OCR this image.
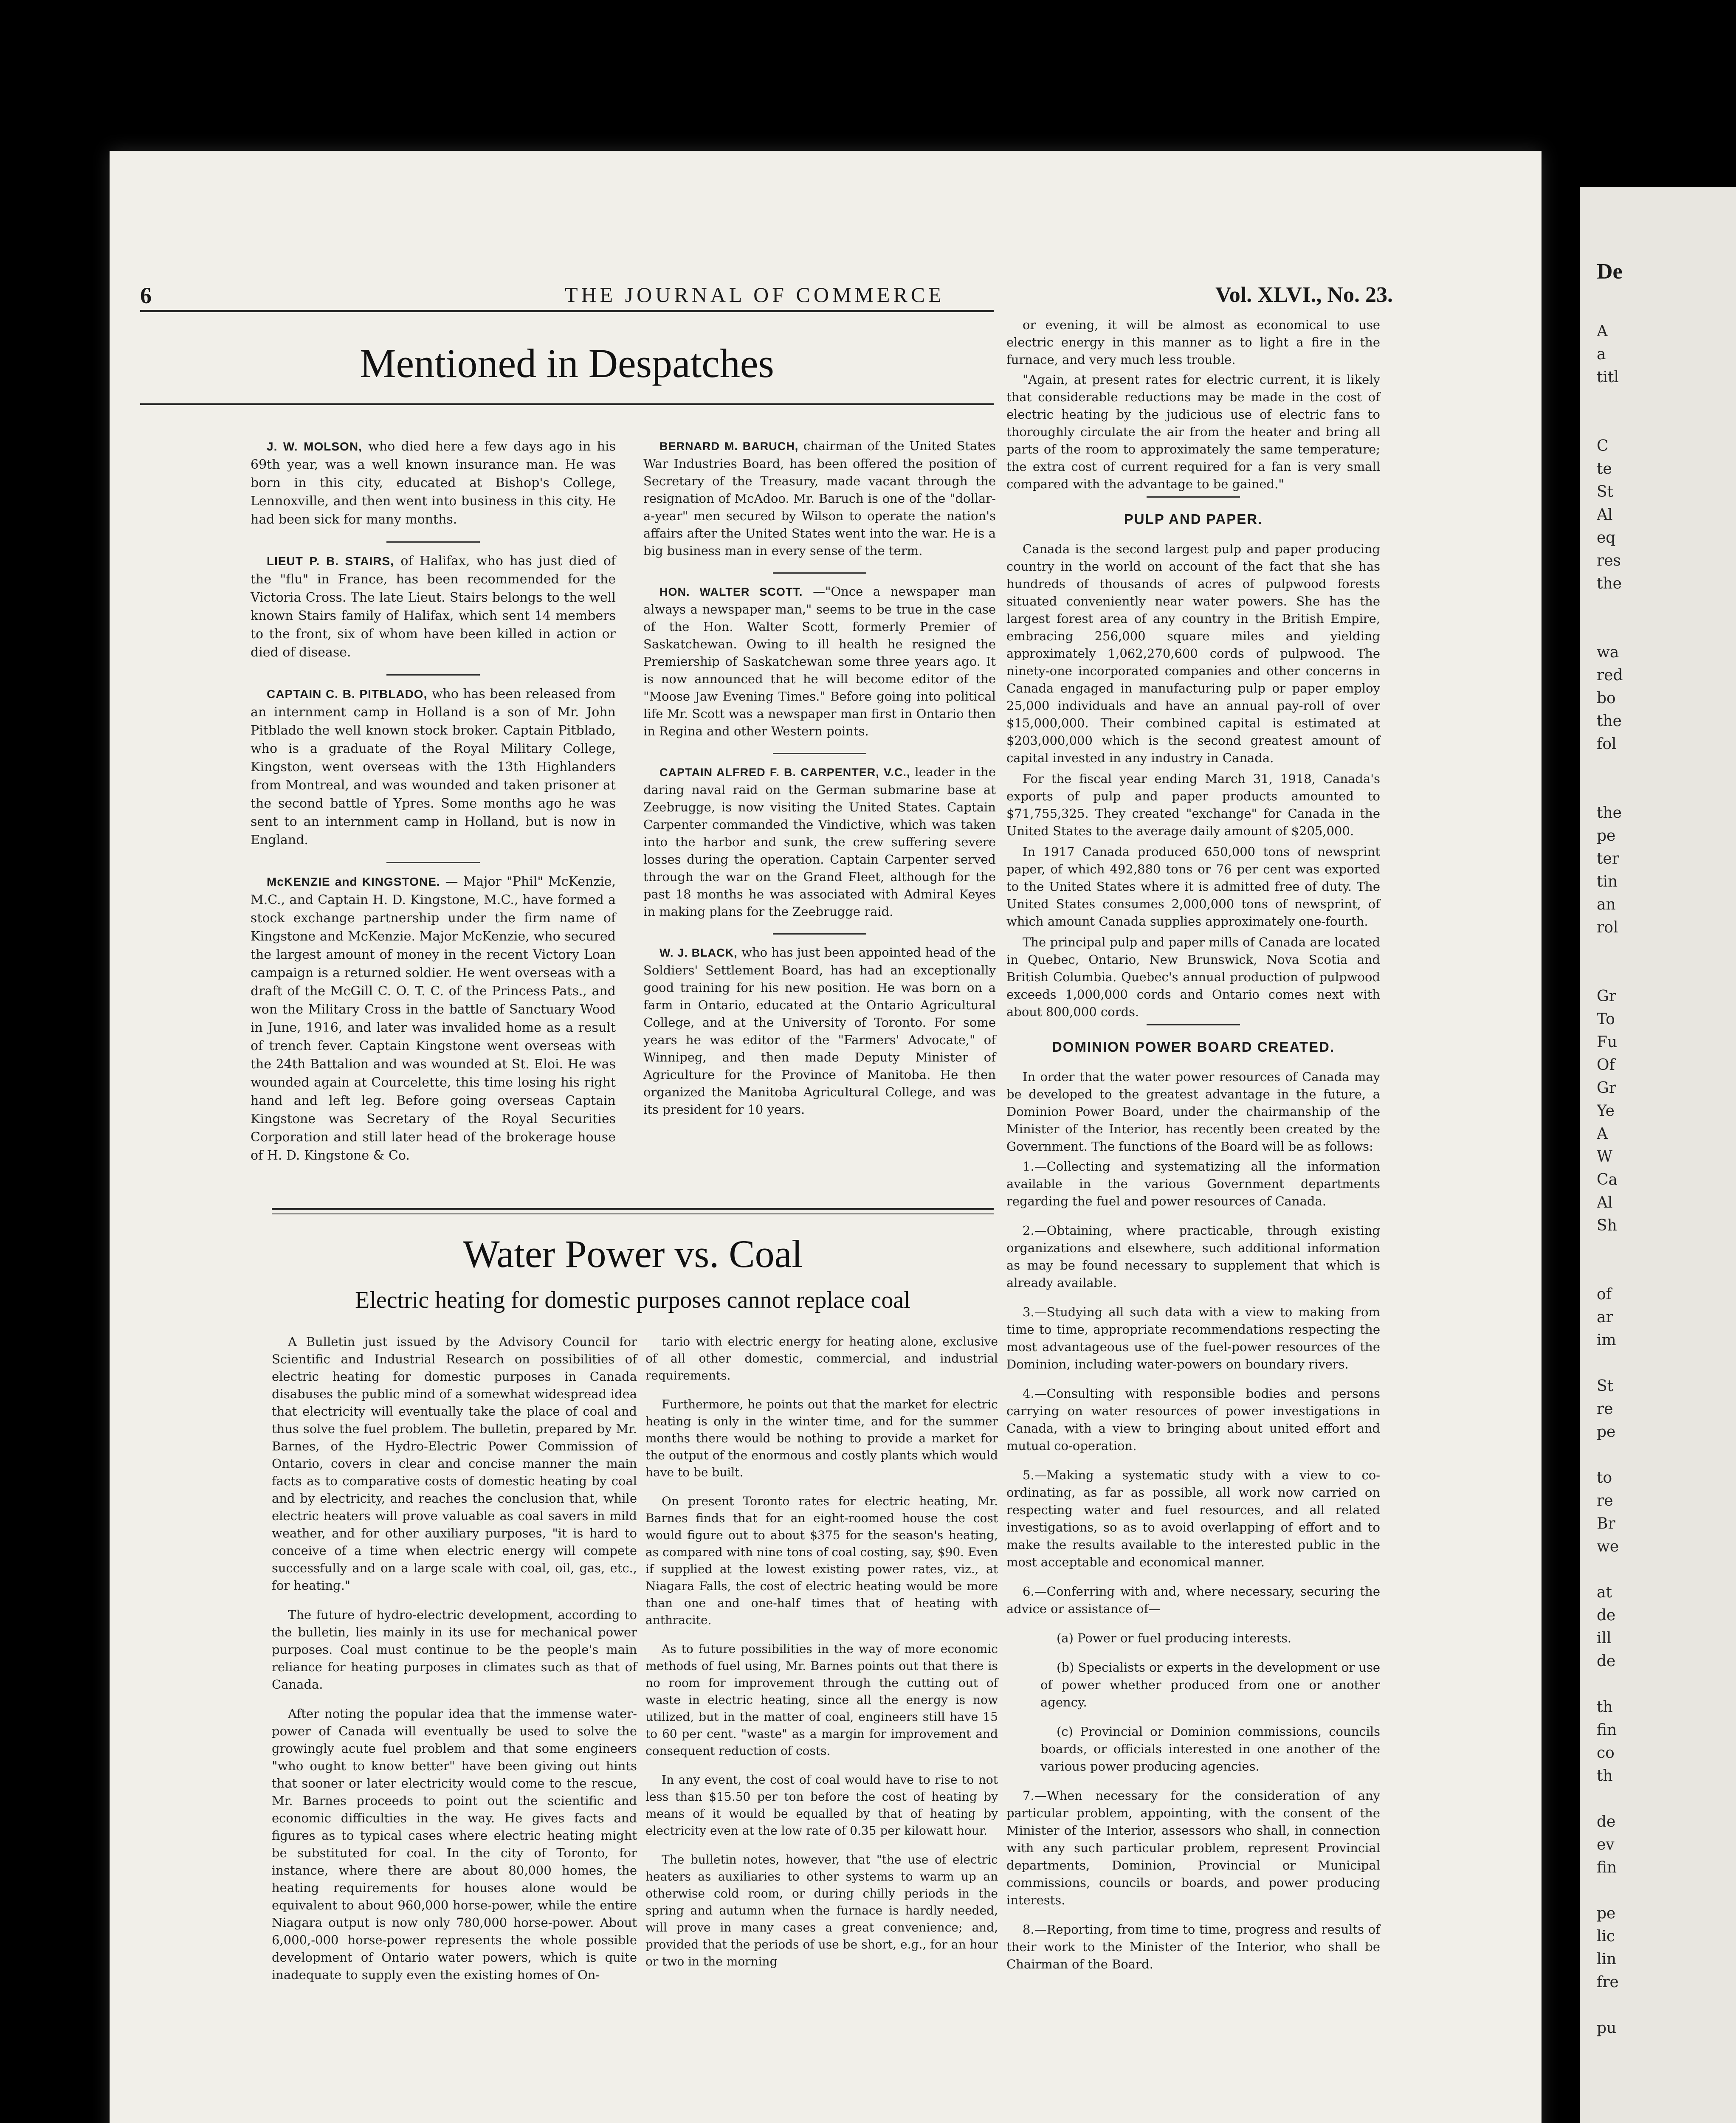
De
A
a
titl
C
te
St
Al
eq
res
the
wa
red
bo
the
fol
the
pe
ter
tin
an
rol
Gr
To
Fu
Of
Gr
Ye
A
W
Ca
Al
Sh
of
ar
im
St
re
pe
to
re
Br
we
at
de
ill
de
th
fin
co
th
de
ev
fin
pe
lic
lin
fre
pu
6	THE JOURNAL OF COMMERCE	Vol. XLVI., No. 23.
Mentioned in Despatches

J. W. MOLSON, who died here a few days ago in his 69th year, was a well known insurance man. He was born in this city, educated at Bishop's College, Lennoxville, and then went into business in this city. He had been sick for many months.

LIEUT P. B. STAIRS, of Halifax, who has just died of the "flu" in France, has been recommended for the Victoria Cross. The late Lieut. Stairs belongs to the well known Stairs family of Halifax, which sent 14 members to the front, six of whom have been killed in action or died of disease.

CAPTAIN C. B. PITBLADO, who has been released from an internment camp in Holland is a son of Mr. John Pitblado the well known stock broker. Captain Pitblado, who is a graduate of the Royal Military College, Kingston, went overseas with the 13th Highlanders from Montreal, and was wounded and taken prisoner at the second battle of Ypres. Some months ago he was sent to an internment camp in Holland, but is now in England.

McKENZIE and KINGSTONE. — Major "Phil" McKenzie, M.C., and Captain H. D. Kingstone, M.C., have formed a stock exchange partnership under the firm name of Kingstone and McKenzie. Major McKenzie, who secured the largest amount of money in the recent Victory Loan campaign is a returned soldier. He went overseas with a draft of the McGill C. O. T. C. of the Princess Pats., and won the Military Cross in the battle of Sanctuary Wood in June, 1916, and later was invalided home as a result of trench fever. Captain Kingstone went overseas with the 24th Battalion and was wounded at St. Eloi. He was wounded again at Courcelette, this time losing his right hand and left leg. Before going overseas Captain Kingstone was Secretary of the Royal Securities Corporation and still later head of the brokerage house of H. D. Kingstone & Co.

BERNARD M. BARUCH, chairman of the United States War Industries Board, has been offered the position of Secretary of the Treasury, made vacant through the resignation of McAdoo. Mr. Baruch is one of the "dollar-a-year" men secured by Wilson to operate the nation's affairs after the United States went into the war. He is a big business man in every sense of the term.

HON. WALTER SCOTT. —"Once a newspaper man always a newspaper man," seems to be true in the case of the Hon. Walter Scott, formerly Premier of Saskatchewan. Owing to ill health he resigned the Premiership of Saskatchewan some three years ago. It is now announced that he will become editor of the "Moose Jaw Evening Times." Before going into political life Mr. Scott was a newspaper man first in Ontario then in Regina and other Western points.

CAPTAIN ALFRED F. B. CARPENTER, V.C., leader in the daring naval raid on the German submarine base at Zeebrugge, is now visiting the United States. Captain Carpenter commanded the Vindictive, which was taken into the harbor and sunk, the crew suffering severe losses during the operation. Captain Carpenter served through the war on the Grand Fleet, although for the past 18 months he was associated with Admiral Keyes in making plans for the Zeebrugge raid.

W. J. BLACK, who has just been appointed head of the Soldiers' Settlement Board, has had an exceptionally good training for his new position. He was born on a farm in Ontario, educated at the Ontario Agricultural College, and at the University of Toronto. For some years he was editor of the "Farmers' Advocate," of Winnipeg, and then made Deputy Minister of Agriculture for the Province of Manitoba. He then organized the Manitoba Agricultural College, and was its president for 10 years.

Water Power vs. Coal
Electric heating for domestic purposes cannot replace coal

A Bulletin just issued by the Advisory Council for Scientific and Industrial Research on possibilities of electric heating for domestic purposes in Canada disabuses the public mind of a somewhat widespread idea that electricity will eventually take the place of coal and thus solve the fuel problem. The bulletin, prepared by Mr. Barnes, of the Hydro-Electric Power Commission of Ontario, covers in clear and concise manner the main facts as to comparative costs of domestic heating by coal and by electricity, and reaches the conclusion that, while electric heaters will prove valuable as coal savers in mild weather, and for other auxiliary purposes, "it is hard to conceive of a time when electric energy will compete successfully and on a large scale with coal, oil, gas, etc., for heating."

The future of hydro-electric development, according to the bulletin, lies mainly in its use for mechanical power purposes. Coal must continue to be the people's main reliance for heating purposes in climates such as that of Canada.

After noting the popular idea that the immense water-power of Canada will eventually be used to solve the growingly acute fuel problem and that some engineers "who ought to know better" have been giving out hints that sooner or later electricity would come to the rescue, Mr. Barnes proceeds to point out the scientific and economic difficulties in the way. He gives facts and figures as to typical cases where electric heating might be substituted for coal. In the city of Toronto, for instance, where there are about 80,000 homes, the heating requirements for houses alone would be equivalent to about 960,000 horse-power, while the entire Niagara output is now only 780,000 horse-power. About 6,000,-000 horse-power represents the whole possible development of Ontario water powers, which is quite inadequate to supply even the existing homes of On-

tario with electric energy for heating alone, exclusive of all other domestic, commercial, and industrial requirements.

Furthermore, he points out that the market for electric heating is only in the winter time, and for the summer months there would be nothing to provide a market for the output of the enormous and costly plants which would have to be built.

On present Toronto rates for electric heating, Mr. Barnes finds that for an eight-roomed house the cost would figure out to about $375 for the season's heating, as compared with nine tons of coal costing, say, $90. Even if supplied at the lowest existing power rates, viz., at Niagara Falls, the cost of electric heating would be more than one and one-half times that of heating with anthracite.

As to future possibilities in the way of more economic methods of fuel using, Mr. Barnes points out that there is no room for improvement through the cutting out of waste in electric heating, since all the energy is now utilized, but in the matter of coal, engineers still have 15 to 60 per cent. "waste" as a margin for improvement and consequent reduction of costs.

In any event, the cost of coal would have to rise to not less than $15.50 per ton before the cost of heating by means of it would be equalled by that of heating by electricity even at the low rate of 0.35 per kilowatt hour.

The bulletin notes, however, that "the use of electric heaters as auxiliaries to other systems to warm up an otherwise cold room, or during chilly periods in the spring and autumn when the furnace is hardly needed, will prove in many cases a great convenience; and, provided that the periods of use be short, e.g., for an hour or two in the morning

or evening, it will be almost as economical to use electric energy in this manner as to light a fire in the furnace, and very much less trouble.

"Again, at present rates for electric current, it is likely that considerable reductions may be made in the cost of electric heating by the judicious use of electric fans to thoroughly circulate the air from the heater and bring all parts of the room to approximately the same temperature; the extra cost of current required for a fan is very small compared with the advantage to be gained."

PULP AND PAPER.

Canada is the second largest pulp and paper producing country in the world on account of the fact that she has hundreds of thousands of acres of pulpwood forests situated conveniently near water powers. She has the largest forest area of any country in the British Empire, embracing 256,000 square miles and yielding approximately 1,062,270,600 cords of pulpwood. The ninety-one incorporated companies and other concerns in Canada engaged in manufacturing pulp or paper employ 25,000 individuals and have an annual pay-roll of over $15,000,000. Their combined capital is estimated at $203,000,000 which is the second greatest amount of capital invested in any industry in Canada.

For the fiscal year ending March 31, 1918, Canada's exports of pulp and paper products amounted to $71,755,325. They created "exchange" for Canada in the United States to the average daily amount of $205,000.

In 1917 Canada produced 650,000 tons of newsprint paper, of which 492,880 tons or 76 per cent was exported to the United States where it is admitted free of duty. The United States consumes 2,000,000 tons of newsprint, of which amount Canada supplies approximately one-fourth.

The principal pulp and paper mills of Canada are located in Quebec, Ontario, New Brunswick, Nova Scotia and British Columbia. Quebec's annual production of pulpwood exceeds 1,000,000 cords and Ontario comes next with about 800,000 cords.

DOMINION POWER BOARD CREATED.

In order that the water power resources of Canada may be developed to the greatest advantage in the future, a Dominion Power Board, under the chairmanship of the Minister of the Interior, has recently been created by the Government. The functions of the Board will be as follows:

1.—Collecting and systematizing all the information available in the various Government departments regarding the fuel and power resources of Canada.

2.—Obtaining, where practicable, through existing organizations and elsewhere, such additional information as may be found necessary to supplement that which is already available.

3.—Studying all such data with a view to making from time to time, appropriate recommendations respecting the most advantageous use of the fuel-power resources of the Dominion, including water-powers on boundary rivers.

4.—Consulting with responsible bodies and persons carrying on water resources of power investigations in Canada, with a view to bringing about united effort and mutual co-operation.

5.—Making a systematic study with a view to co-ordinating, as far as possible, all work now carried on respecting water and fuel resources, and all related investigations, so as to avoid overlapping of effort and to make the results available to the interested public in the most acceptable and economical manner.

6.—Conferring with and, where necessary, securing the advice or assistance of—

(a) Power or fuel producing interests.

(b) Specialists or experts in the development or use of power whether produced from one or another agency.

(c) Provincial or Dominion commissions, councils boards, or officials interested in one another of the various power producing agencies.

7.—When necessary for the consideration of any particular problem, appointing, with the consent of the Minister of the Interior, assessors who shall, in connection with any such particular problem, represent Provincial departments, Dominion, Provincial or Municipal commissions, councils or boards, and power producing interests.

8.—Reporting, from time to time, progress and results of their work to the Minister of the Interior, who shall be Chairman of the Board.
